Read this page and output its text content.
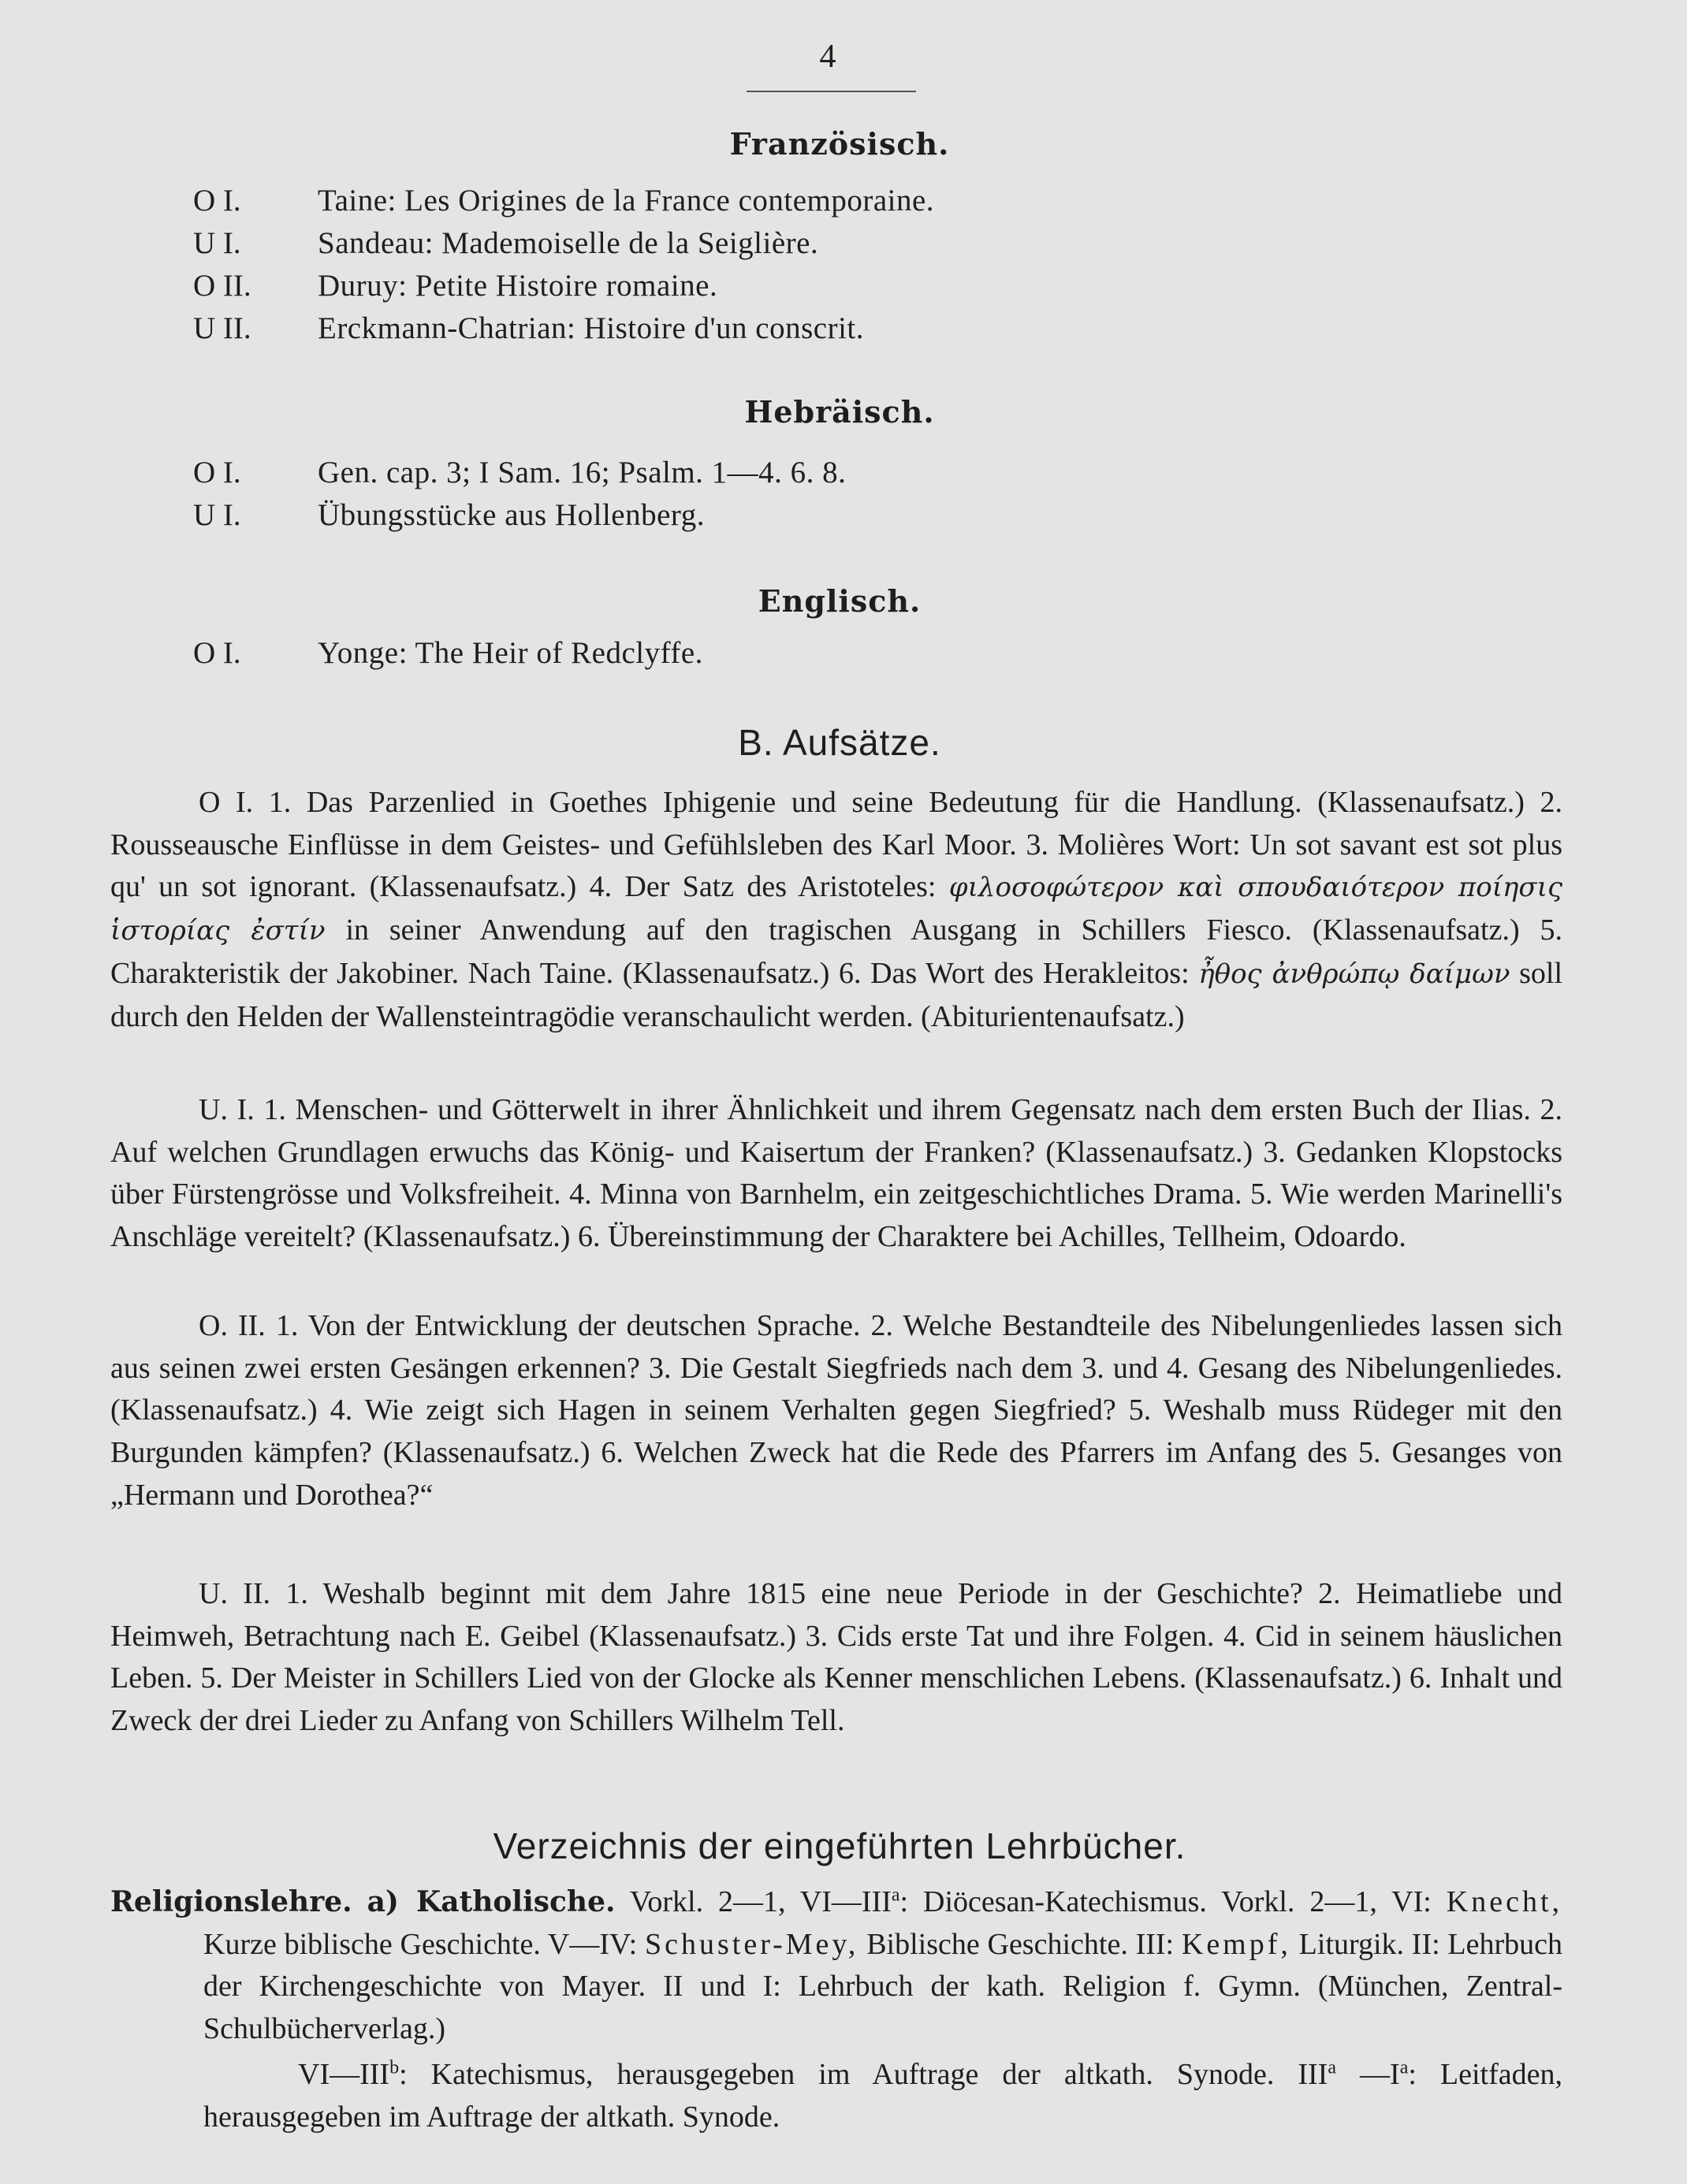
4
Französisch.
O I.	Taine: Les Origines de la France contemporaine.
U I.	Sandeau: Mademoiselle de la Seiglière.
O II.	Duruy: Petite Histoire romaine.
U II.	Erckmann-Chatrian: Histoire d'un conscrit.
Hebräisch.
O I.	Gen. cap. 3; I Sam. 16; Psalm. 1—4. 6. 8.
U I.	Übungsstücke aus Hollenberg.
Englisch.
O I.	Yonge: The Heir of Redclyffe.
B. Aufsätze.
O I. 1. Das Parzenlied in Goethes Iphigenie und seine Bedeutung für die Handlung. (Klassenaufsatz.) 2. Rousseausche Einflüsse in dem Geistes- und Gefühlsleben des Karl Moor. 3. Molières Wort: Un sot savant est sot plus qu' un sot ignorant. (Klassenaufsatz.) 4. Der Satz des Aristoteles: φιλοσοφώτερον καὶ σπουδαιότερον ποίησις ἱστορίας ἐστίν in seiner Anwendung auf den tragischen Ausgang in Schillers Fiesco. (Klassenaufsatz.) 5. Charakteristik der Jakobiner. Nach Taine. (Klassenaufsatz.) 6. Das Wort des Herakleitos: ἦθος ἀνθρώπῳ δαίμων soll durch den Helden der Wallensteintragödie veranschaulicht werden. (Abiturientenaufsatz.)
U. I. 1. Menschen- und Götterwelt in ihrer Ähnlichkeit und ihrem Gegensatz nach dem ersten Buch der Ilias. 2. Auf welchen Grundlagen erwuchs das König- und Kaisertum der Franken? (Klassenaufsatz.) 3. Gedanken Klopstocks über Fürstengrösse und Volksfreiheit. 4. Minna von Barnhelm, ein zeitgeschichtliches Drama. 5. Wie werden Marinelli's Anschläge vereitelt? (Klassenaufsatz.) 6. Übereinstimmung der Charaktere bei Achilles, Tellheim, Odoardo.
O. II. 1. Von der Entwicklung der deutschen Sprache. 2. Welche Bestandteile des Nibelungenliedes lassen sich aus seinen zwei ersten Gesängen erkennen? 3. Die Gestalt Siegfrieds nach dem 3. und 4. Gesang des Nibelungenliedes. (Klassenaufsatz.) 4. Wie zeigt sich Hagen in seinem Verhalten gegen Siegfried? 5. Weshalb muss Rüdeger mit den Burgunden kämpfen? (Klassenaufsatz.) 6. Welchen Zweck hat die Rede des Pfarrers im Anfang des 5. Gesanges von „Hermann und Dorothea?“
U. II. 1. Weshalb beginnt mit dem Jahre 1815 eine neue Periode in der Geschichte? 2. Heimatliebe und Heimweh, Betrachtung nach E. Geibel (Klassenaufsatz.) 3. Cids erste Tat und ihre Folgen. 4. Cid in seinem häuslichen Leben. 5. Der Meister in Schillers Lied von der Glocke als Kenner menschlichen Lebens. (Klassenaufsatz.) 6. Inhalt und Zweck der drei Lieder zu Anfang von Schillers Wilhelm Tell.
Verzeichnis der eingeführten Lehrbücher.
Religionslehre. a) Katholische. Vorkl. 2—1, VI—III$^a$: Diöcesan-Katechismus. Vorkl. 2—1, VI: Knecht, Kurze biblische Geschichte. V—IV: Schuster-Mey, Biblische Geschichte. III: Kempf, Liturgik. II: Lehrbuch der Kirchengeschichte von Mayer. II und I: Lehrbuch der kath. Religion f. Gymn. (München, Zentral-Schulbücherverlag.)
VI—III$^b$: Katechismus, herausgegeben im Auftrage der altkath. Synode. III$^a$ $—I^a$: Leitfaden, herausgegeben im Auftrage der altkath. Synode.
